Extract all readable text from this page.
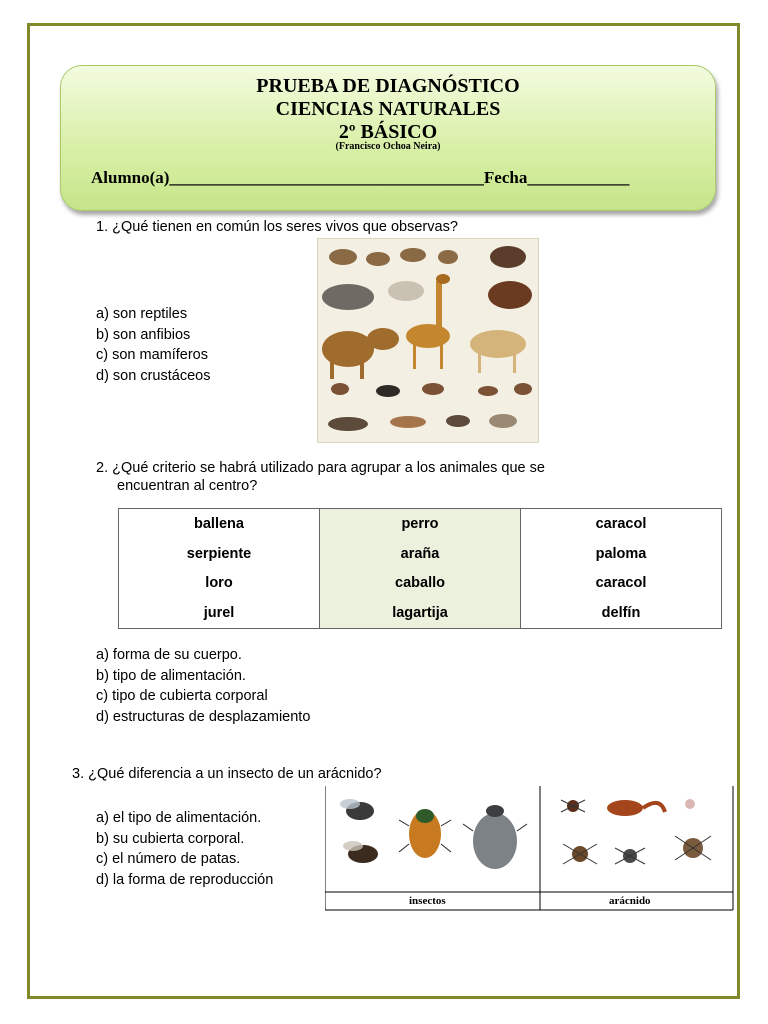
PRUEBA DE DIAGNÓSTICO
CIENCIAS NATURALES
2º BÁSICO
(Francisco Ochoa Neira)
Alumno(a)_____________________________________Fecha____________
1. ¿Qué tienen en común los seres vivos que observas?
a) son reptiles
b) son anfibios
c) son mamíferos
d) son crustáceos
2. ¿Qué criterio se habrá utilizado para agrupar a los animales que se
encuentran al centro?
ballena	perro	caracol
serpiente	araña	paloma
loro	caballo	caracol
jurel	lagartija	delfín
a) forma de su cuerpo.
b) tipo de alimentación.
c) tipo de cubierta corporal
d) estructuras de desplazamiento
3. ¿Qué diferencia a un insecto de un arácnido?
a) el tipo de alimentación.
b) su cubierta corporal.
c) el número de patas.
d) la forma de reproducción
insectos	arácnido
